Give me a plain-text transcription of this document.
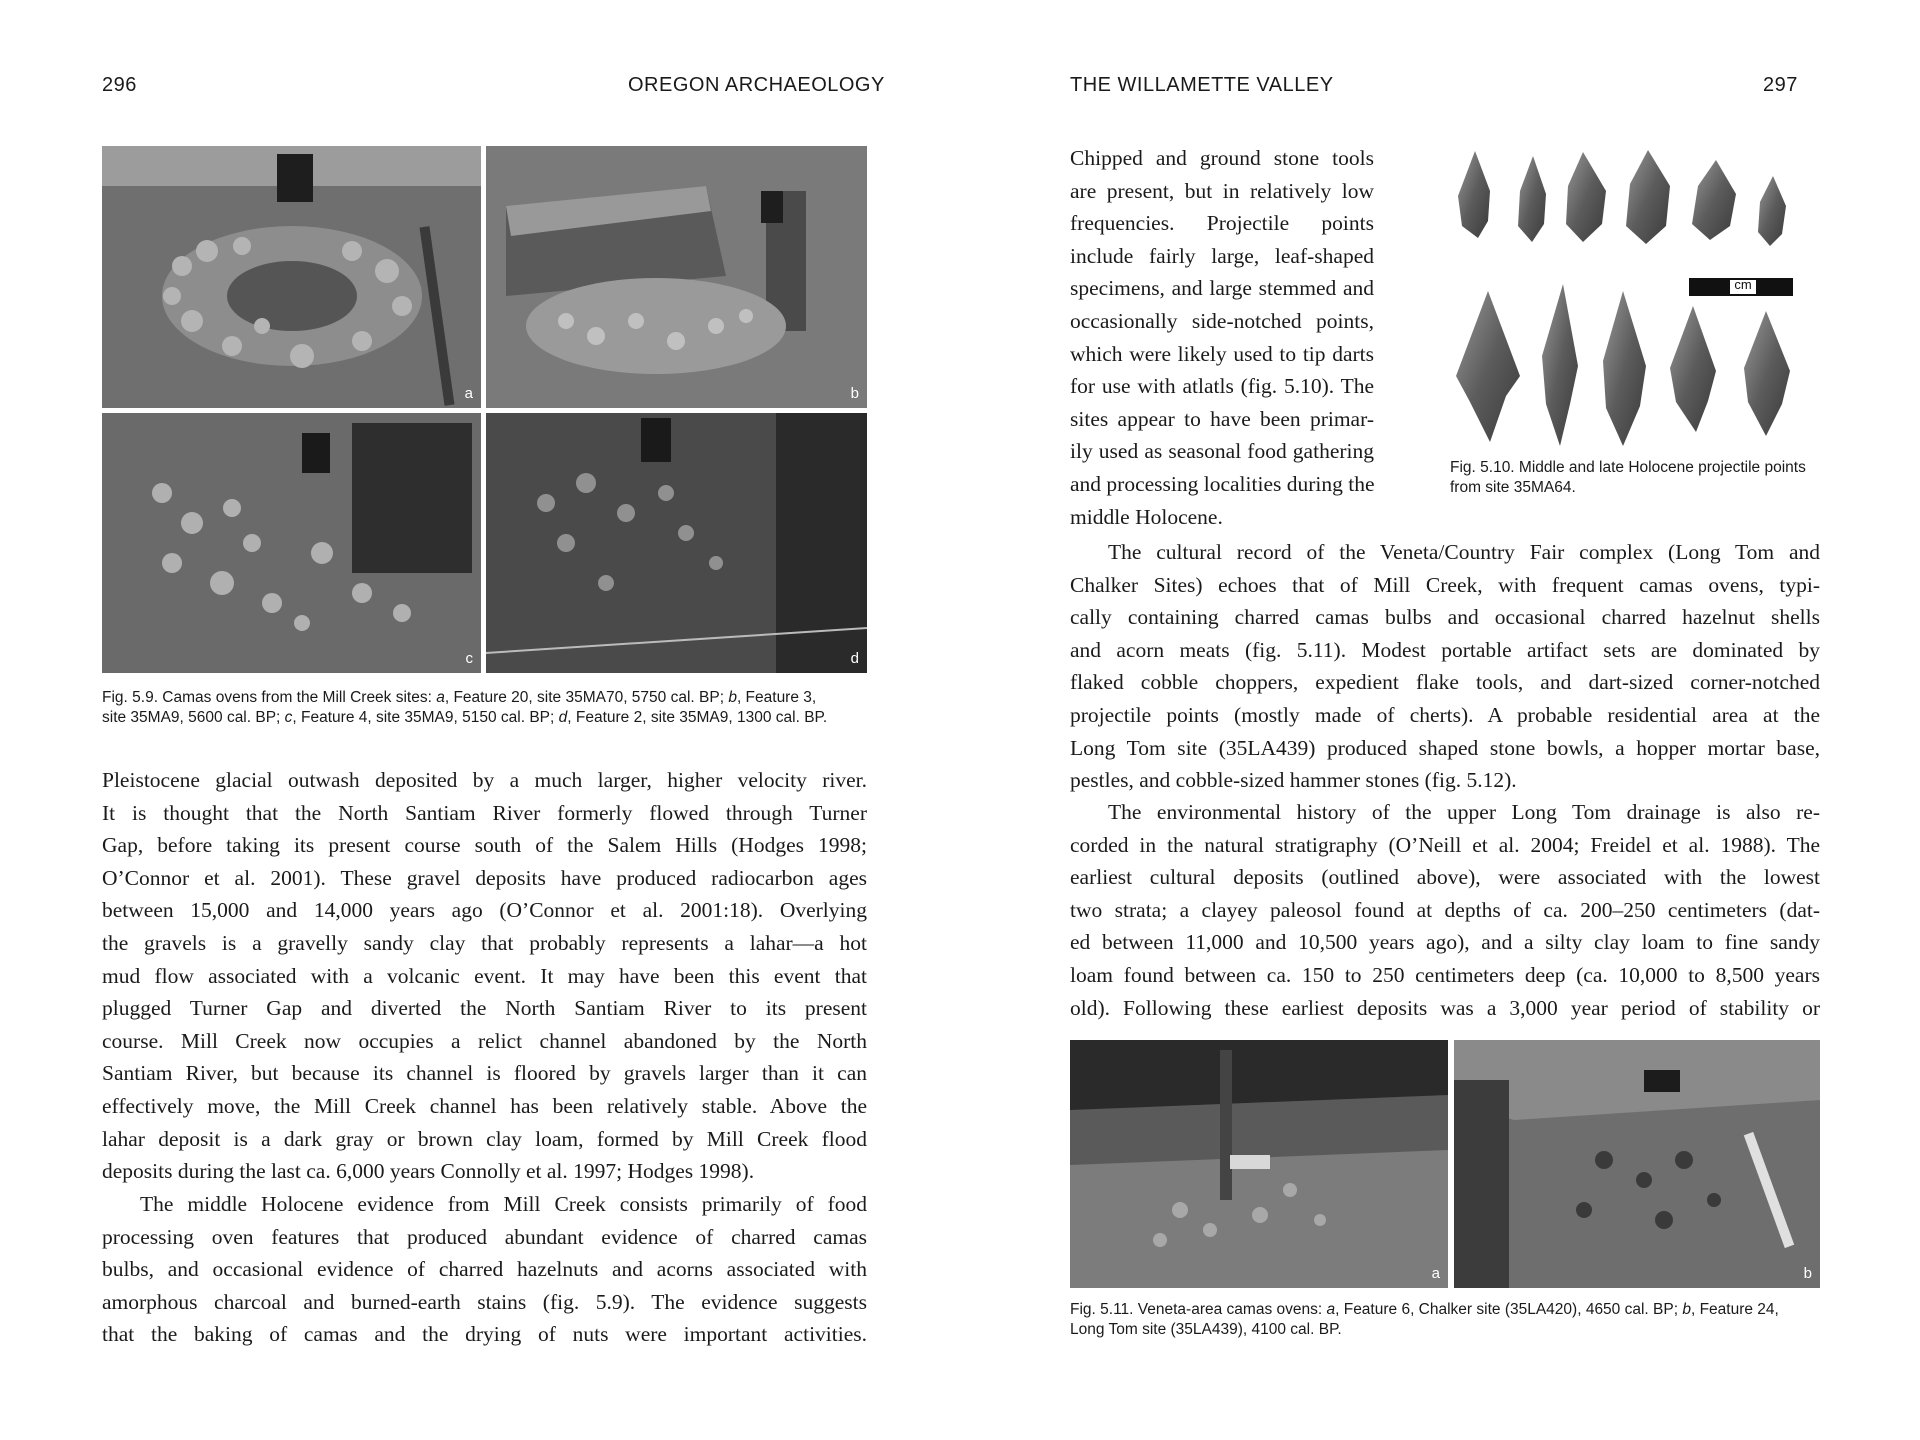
296	OREGON ARCHAEOLOGY
a	b
c	d
Fig. 5.9. Camas ovens from the Mill Creek sites: a, Feature 20, site 35MA70, 5750 cal. BP; b, Feature 3,
site 35MA9, 5600 cal. BP; c, Feature 4, site 35MA9, 5150 cal. BP; d, Feature 2, site 35MA9, 1300 cal. BP.
Pleistocene glacial outwash deposited by a much larger, higher velocity river.
It is thought that the North Santiam River formerly flowed through Turner
Gap, before taking its present course south of the Salem Hills (Hodges 1998;
O’Connor et al. 2001). These gravel deposits have produced radiocarbon ages
between 15,000 and 14,000 years ago (O’Connor et al. 2001:18). Overlying
the gravels is a gravelly sandy clay that probably represents a lahar—a hot
mud flow associated with a volcanic event. It may have been this event that
plugged Turner Gap and diverted the North Santiam River to its present
course. Mill Creek now occupies a relict channel abandoned by the North
Santiam River, but because its channel is floored by gravels larger than it can
effectively move, the Mill Creek channel has been relatively stable. Above the
lahar deposit is a dark gray or brown clay loam, formed by Mill Creek flood
deposits during the last ca. 6,000 years Connolly et al. 1997; Hodges 1998).
The middle Holocene evidence from Mill Creek consists primarily of food
processing oven features that produced abundant evidence of charred camas
bulbs, and occasional evidence of charred hazelnuts and acorns associated with
amorphous charcoal and burned-earth stains (fig. 5.9). The evidence suggests
that the baking of camas and the drying of nuts were important activities.
THE WILLAMETTE VALLEY	297
Chipped and ground stone tools
are present, but in relatively low
frequencies. Projectile points
include fairly large, leaf-shaped
specimens, and large stemmed and
occasionally side-notched points,
which were likely used to tip darts
for use with atlatls (fig. 5.10). The
sites appear to have been primar-
ily used as seasonal food gathering
and processing localities during the
middle Holocene.
cm
Fig. 5.10. Middle and late Holocene projectile points
from site 35MA64.
The cultural record of the Veneta/Country Fair complex (Long Tom and
Chalker Sites) echoes that of Mill Creek, with frequent camas ovens, typi-
cally containing charred camas bulbs and occasional charred hazelnut shells
and acorn meats (fig. 5.11). Modest portable artifact sets are dominated by
flaked cobble choppers, expedient flake tools, and dart-sized corner-notched
projectile points (mostly made of cherts). A probable residential area at the
Long Tom site (35LA439) produced shaped stone bowls, a hopper mortar base,
pestles, and cobble-sized hammer stones (fig. 5.12).
The environmental history of the upper Long Tom drainage is also re-
corded in the natural stratigraphy (O’Neill et al. 2004; Freidel et al. 1988). The
earliest cultural deposits (outlined above), were associated with the lowest
two strata; a clayey paleosol found at depths of ca. 200–250 centimeters (dat-
ed between 11,000 and 10,500 years ago), and a silty clay loam to fine sandy
loam found between ca. 150 to 250 centimeters deep (ca. 10,000 to 8,500 years
old). Following these earliest deposits was a 3,000 year period of stability or
a	b
Fig. 5.11. Veneta-area camas ovens: a, Feature 6, Chalker site (35LA420), 4650 cal. BP; b, Feature 24,
Long Tom site (35LA439), 4100 cal. BP.
